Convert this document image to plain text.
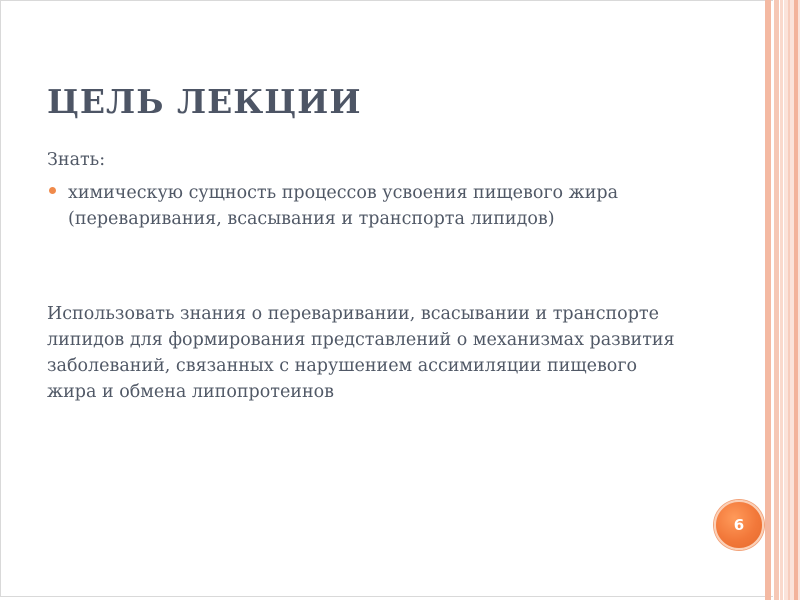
ЦЕЛЬ ЛЕКЦИИ
Знать:
химическую сущность процессов усвоения пищевого жира (переваривания, всасывания и транспорта липидов)
Использовать знания о переваривании, всасывании и транспорте липидов для формирования представлений о механизмах развития заболеваний, связанных с нарушением ассимиляции пищевого жира и обмена липопротеинов
6
